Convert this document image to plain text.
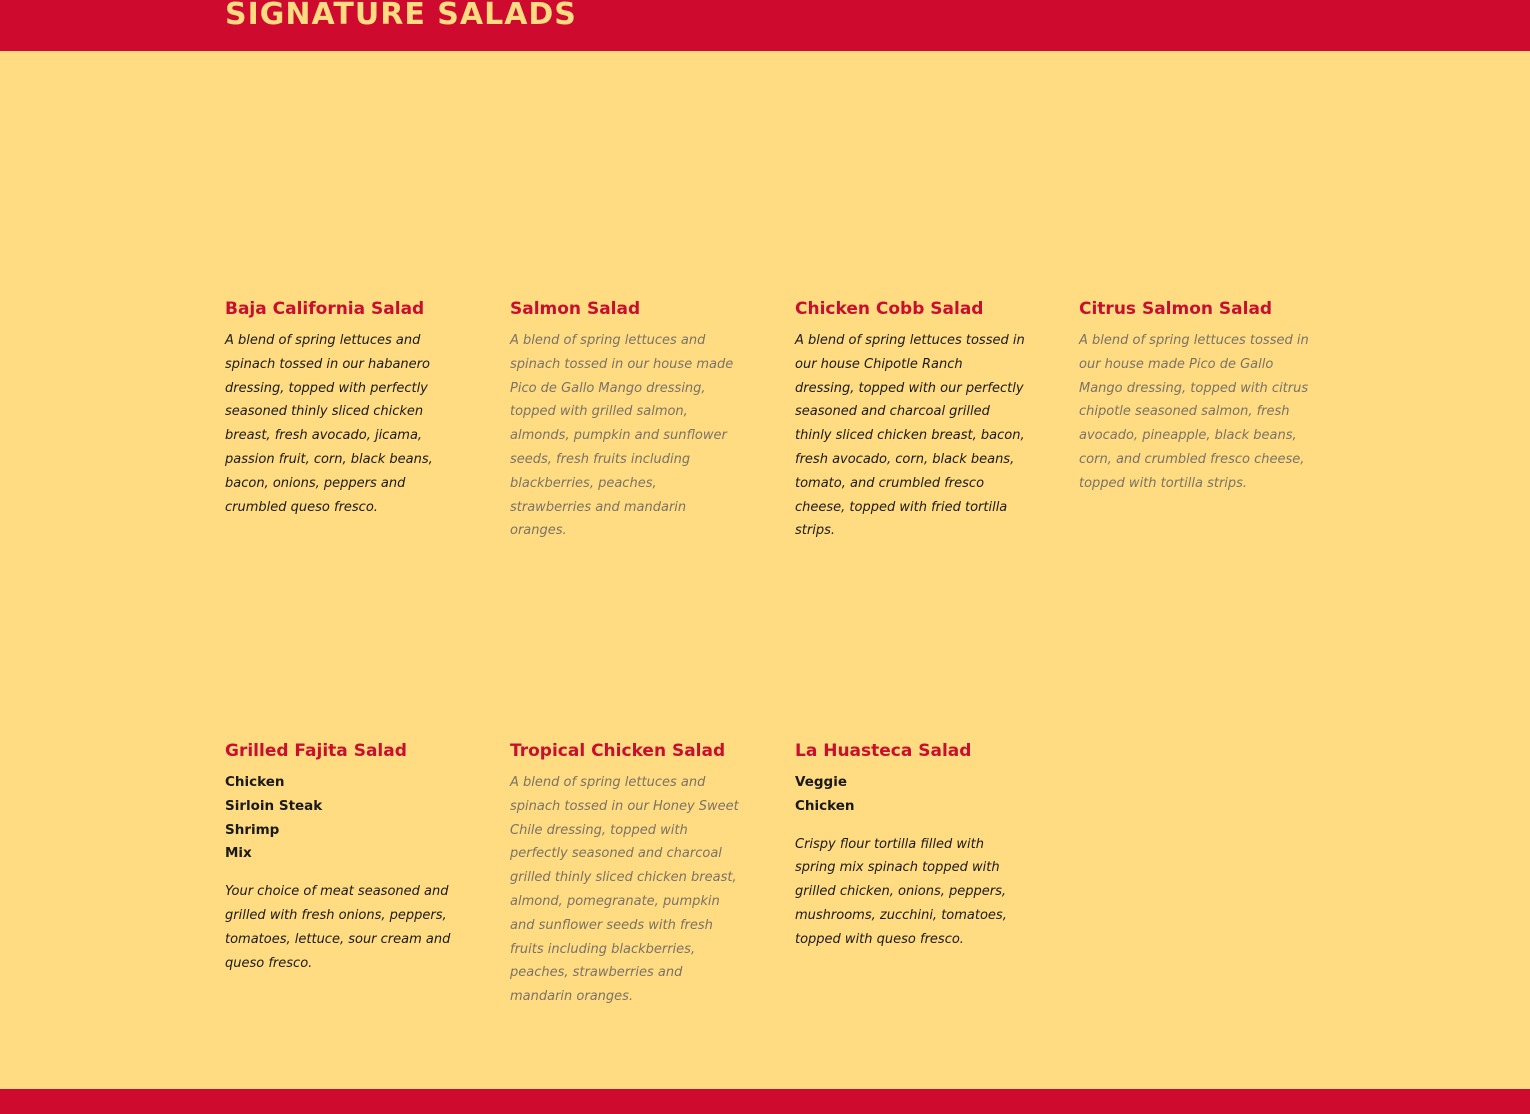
SIGNATURE SALADS
Baja California Salad

A blend of spring lettuces and spinach tossed in our habanero dressing, topped with perfectly seasoned thinly sliced chicken breast, fresh avocado, jicama, passion fruit, corn, black beans, bacon, onions, peppers and crumbled queso fresco.

Salmon Salad

A blend of spring lettuces and spinach tossed in our house made Pico de Gallo Mango dressing, topped with grilled salmon, almonds, pumpkin and sunflower seeds, fresh fruits including blackberries, peaches, strawberries and mandarin oranges.

Chicken Cobb Salad

A blend of spring lettuces tossed in our house Chipotle Ranch dressing, topped with our perfectly seasoned and charcoal grilled thinly sliced chicken breast, bacon, fresh avocado, corn, black beans, tomato, and crumbled fresco cheese, topped with fried tortilla strips.

Citrus Salmon Salad

A blend of spring lettuces tossed in our house made Pico de Gallo Mango dressing, topped with citrus chipotle seasoned salmon, fresh avocado, pineapple, black beans, corn, and crumbled fresco cheese, topped with tortilla strips.

Grilled Fajita Salad
Chicken
Sirloin Steak
Shrimp
Mix

Your choice of meat seasoned and grilled with fresh onions, peppers, tomatoes, lettuce, sour cream and queso fresco.

Tropical Chicken Salad

A blend of spring lettuces and spinach tossed in our Honey Sweet Chile dressing, topped with perfectly seasoned and charcoal grilled thinly sliced chicken breast, almond, pomegranate, pumpkin and sunflower seeds with fresh fruits including blackberries, peaches, strawberries and mandarin oranges.

La Huasteca Salad
Veggie
Chicken

Crispy flour tortilla filled with spring mix spinach topped with grilled chicken, onions, peppers, mushrooms, zucchini, tomatoes, topped with queso fresco.
